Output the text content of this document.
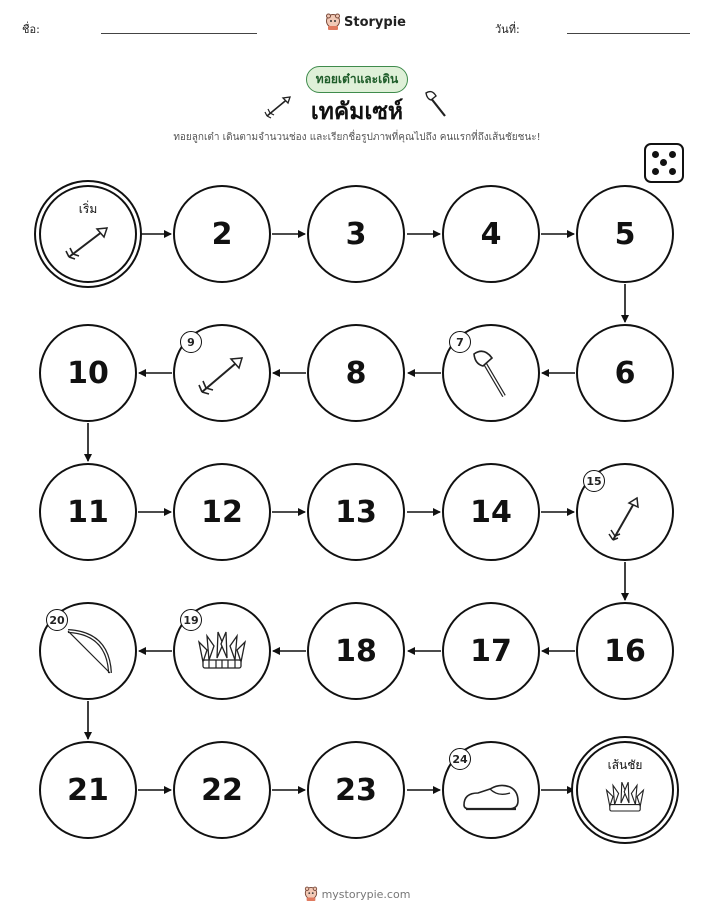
ชื่อ:	Storypie	วันที่:
ทอยเต๋าและเดิน
เทคัมเซห์
ทอยลูกเต๋า เดินตามจำนวนช่อง และเรียกชื่อรูปภาพที่คุณไปถึง คนแรกที่ถึงเส้นชัยชนะ!
เริ่ม
2	3	4	5
10
9
8
7
6
11	12	13	14
15
20	19
18	17	16
21	22	23
24	เส้นชัย
mystorypie.com
